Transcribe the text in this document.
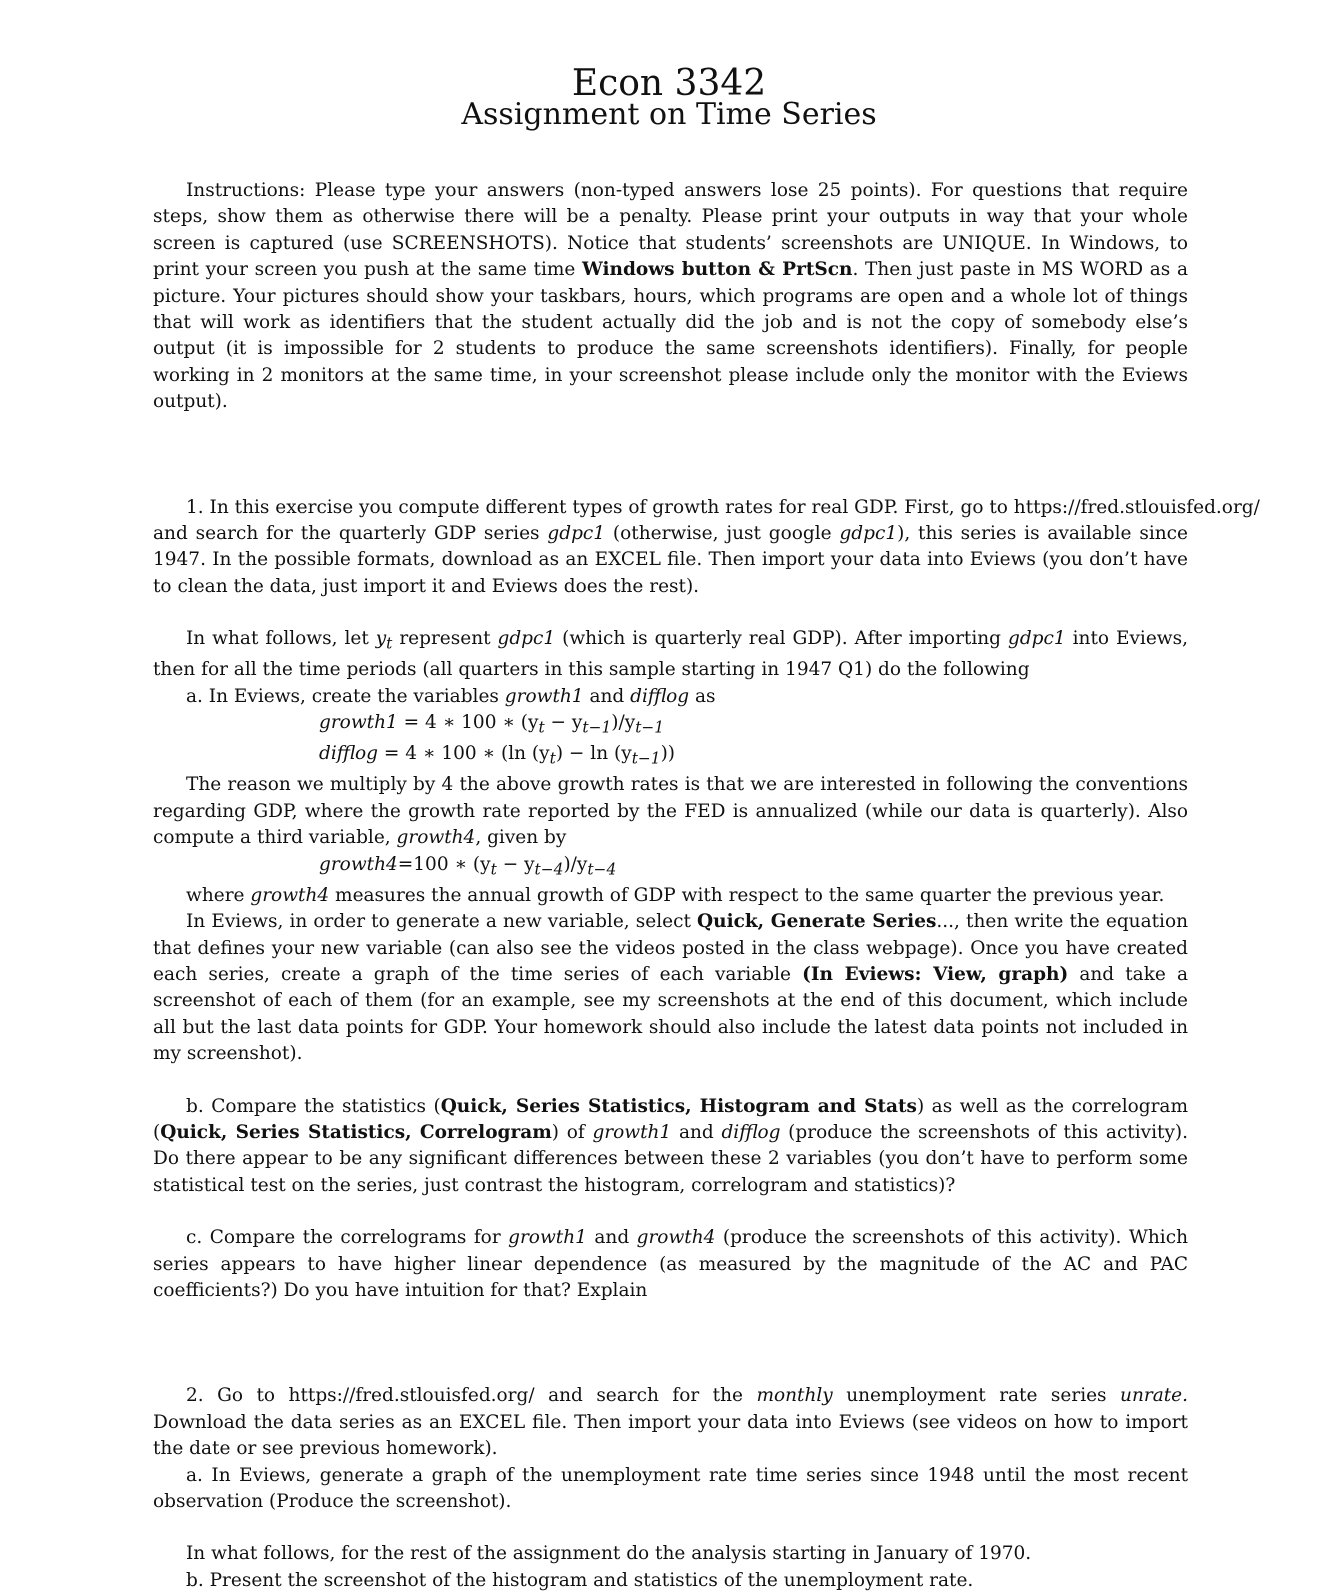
Econ 3342
Assignment on Time Series

Instructions: Please type your answers (non-typed answers lose 25 points). For questions that require steps, show them as otherwise there will be a penalty. Please print your outputs in way that your whole screen is captured (use SCREENSHOTS). Notice that students’ screenshots are UNIQUE. In Windows, to print your screen you push at the same time Windows button & PrtScn. Then just paste in MS WORD as a picture. Your pictures should show your taskbars, hours, which programs are open and a whole lot of things that will work as identifiers that the student actually did the job and is not the copy of somebody else’s output (it is impossible for 2 students to produce the same screenshots identifiers). Finally, for people working in 2 monitors at the same time, in your screenshot please include only the monitor with the Eviews output).

1. In this exercise you compute different types of growth rates for real GDP. First, go to https://fred.stlouisfed.org/
and search for the quarterly GDP series gdpc1 (otherwise, just google gdpc1), this series is available since 1947. In the possible formats, download as an EXCEL file. Then import your data into Eviews (you don’t have to clean the data, just import it and Eviews does the rest).

In what follows, let $y_t$ represent gdpc1 (which is quarterly real GDP). After importing gdpc1 into Eviews, then for all the time periods (all quarters in this sample starting in 1947 Q1) do the following

a. In Eviews, create the variables growth1 and difflog as

growth1 = 4 ∗ 100 ∗ $(y_t - y_{t-1})/y_{t-1}$
difflog = 4 ∗ 100 ∗ (ln $(y_t) - \ln (y_{t-1})$)

The reason we multiply by 4 the above growth rates is that we are interested in following the conventions regarding GDP, where the growth rate reported by the FED is annualized (while our data is quarterly). Also compute a third variable, growth4, given by

growth4=100 ∗ $(y_t - y_{t-4})/y_{t-4}$

where growth4 measures the annual growth of GDP with respect to the same quarter the previous year.

In Eviews, in order to generate a new variable, select Quick, Generate Series..., then write the equation that defines your new variable (can also see the videos posted in the class webpage). Once you have created each series, create a graph of the time series of each variable (In Eviews: View, graph) and take a screenshot of each of them (for an example, see my screenshots at the end of this document, which include all but the last data points for GDP. Your homework should also include the latest data points not included in my screenshot).

b. Compare the statistics (Quick, Series Statistics, Histogram and Stats) as well as the correlogram (Quick, Series Statistics, Correlogram) of growth1 and difflog (produce the screenshots of this activity). Do there appear to be any significant differences between these 2 variables (you don’t have to perform some statistical test on the series, just contrast the histogram, correlogram and statistics)?

c. Compare the correlograms for growth1 and growth4 (produce the screenshots of this activity). Which series appears to have higher linear dependence (as measured by the magnitude of the AC and PAC coefficients?) Do you have intuition for that? Explain

2. Go to https://fred.stlouisfed.org/ and search for the monthly unemployment rate series unrate. Download the data series as an EXCEL file. Then import your data into Eviews (see videos on how to import the date or see previous homework).

a. In Eviews, generate a graph of the unemployment rate time series since 1948 until the most recent observation (Produce the screenshot).

In what follows, for the rest of the assignment do the analysis starting in January of 1970.

b. Present the screenshot of the histogram and statistics of the unemployment rate.
